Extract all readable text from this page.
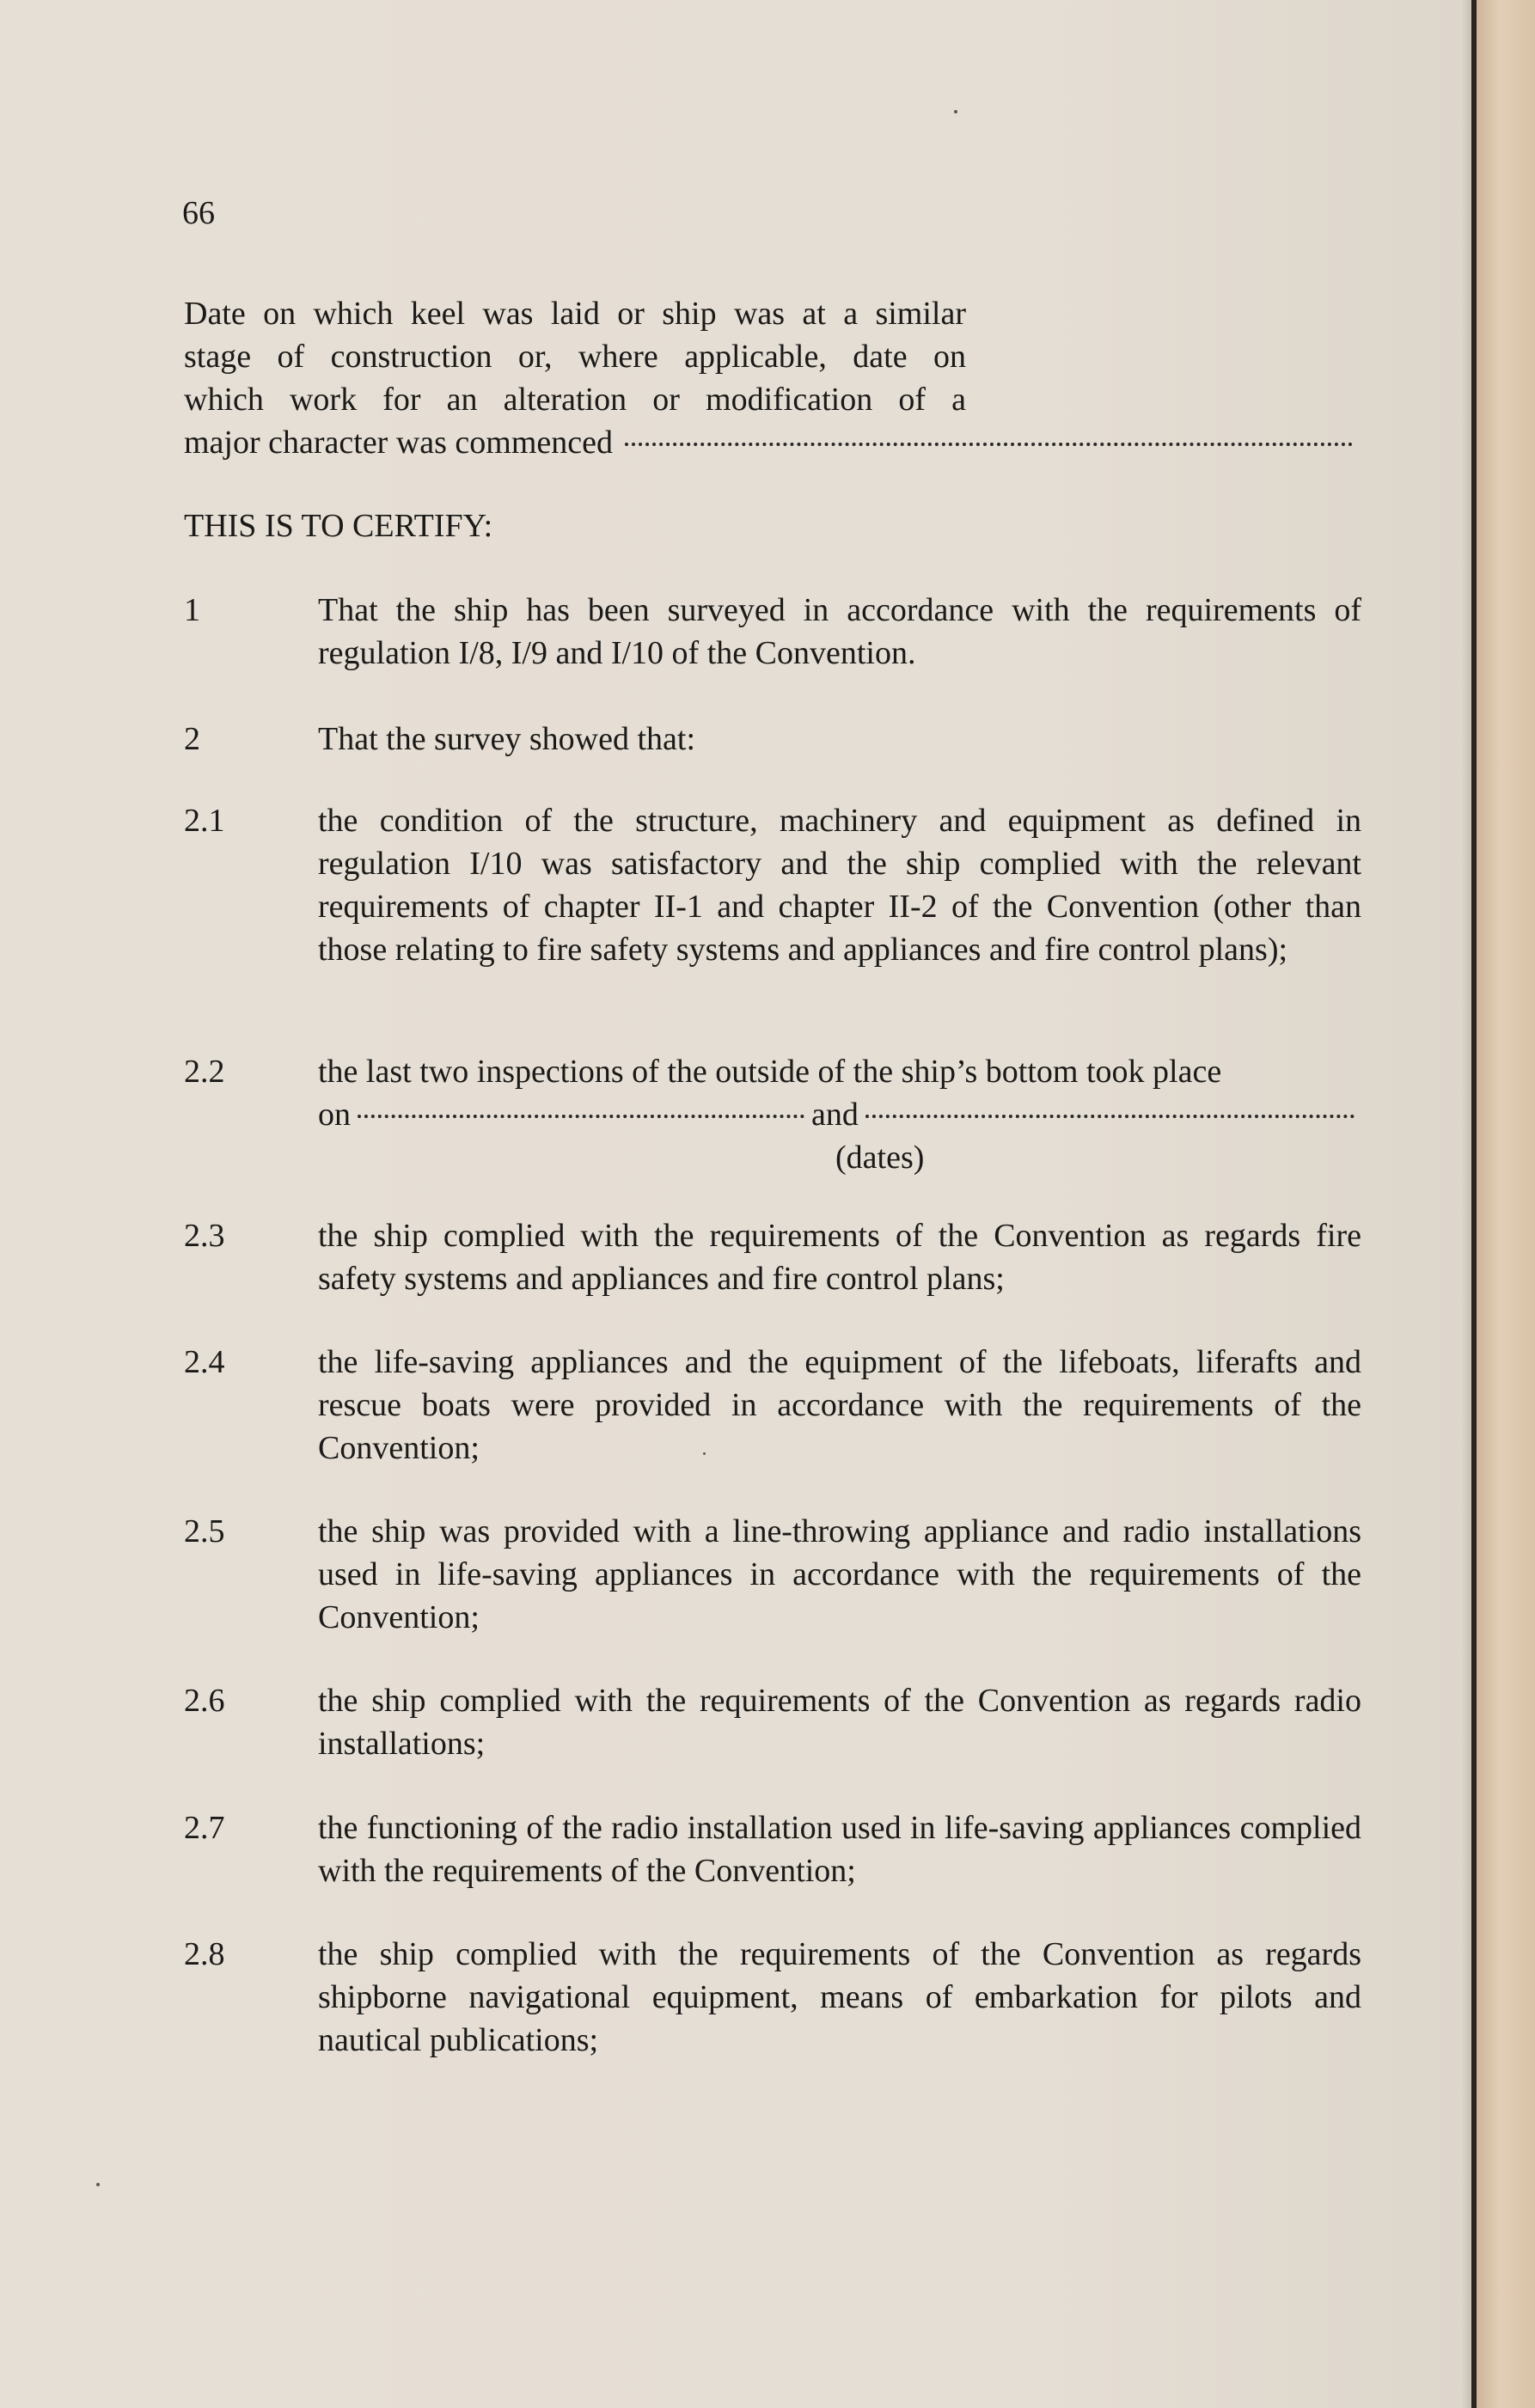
66
Date on which keel was laid or ship was at a similar
stage of construction or, where applicable, date on
which work for an alteration or modification of a
major character was commenced
THIS IS TO CERTIFY:
1	That the ship has been surveyed in accordance with the requirements of regulation I/8, I/9 and I/10 of the Convention.
2	That the survey showed that:
2.1	the condition of the structure, machinery and equipment as defined in regulation I/10 was satisfactory and the ship complied with the relevant requirements of chapter II-1 and chapter II-2 of the Convention (other than those relating to fire safety systems and appliances and fire control plans);
2.2	the last two inspections of the outside of the ship’s bottom took place
on	and
(dates)
2.3	the ship complied with the requirements of the Convention as regards fire safety systems and appliances and fire control plans;
2.4	the life-saving appliances and the equipment of the lifeboats, liferafts and rescue boats were provided in accordance with the requirements of the Convention;
2.5	the ship was provided with a line-throwing appliance and radio installations used in life-saving appliances in accordance with the requirements of the Convention;
2.6	the ship complied with the requirements of the Convention as regards radio installations;
2.7	the functioning of the radio installation used in life-saving appliances complied with the requirements of the Convention;
2.8	the ship complied with the requirements of the Convention as regards shipborne navigational equipment, means of embarkation for pilots and nautical publications;
